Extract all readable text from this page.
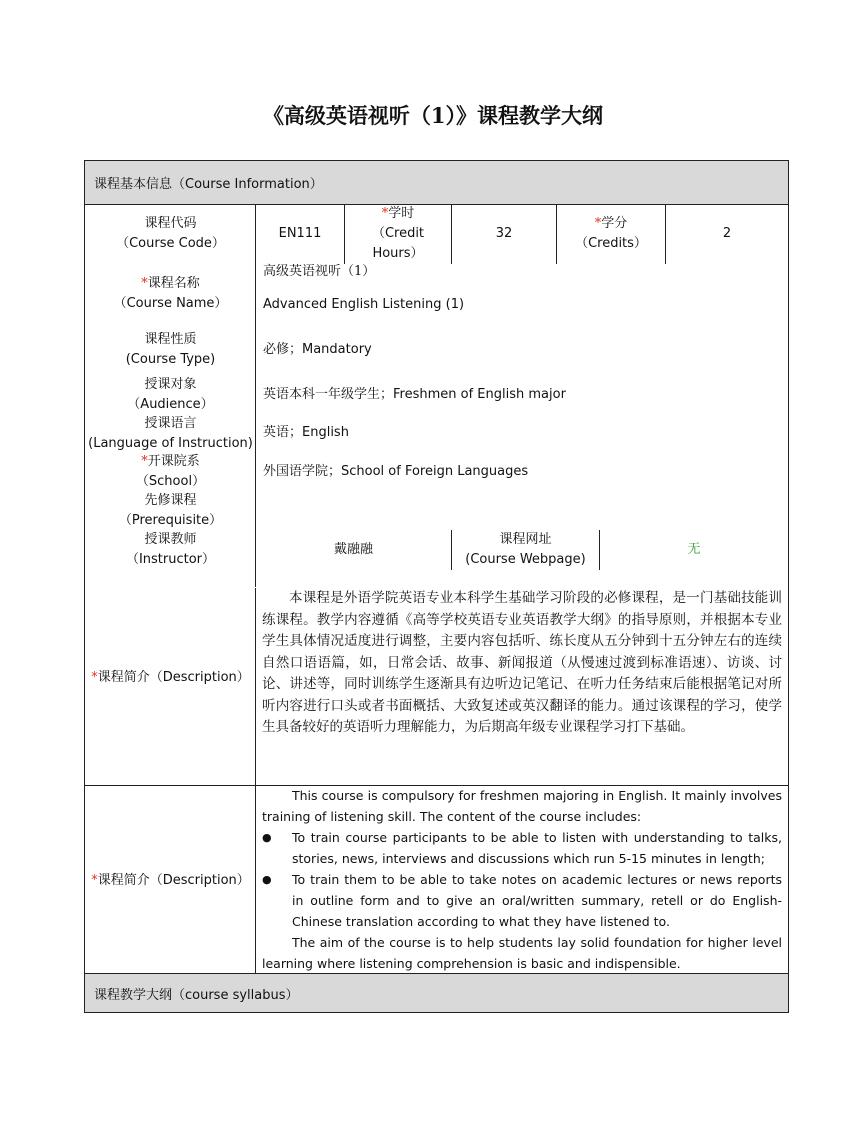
《高级英语视听（1）》课程教学大纲
课程基本信息（Course Information）
课程代码
（Course Code）
EN111
*学时
（Credit
Hours）
32
*学分
（Credits）
2
*课程名称
（Course Name）
高级英语视听（1）
Advanced English Listening (1)
课程性质
(Course Type)
必修；Mandatory
授课对象
（Audience）
英语本科一年级学生；Freshmen of English major
授课语言
(Language of Instruction)
英语；English
*开课院系
（School）
外国语学院；School of Foreign Languages
先修课程
（Prerequisite）
授课教师
（Instructor）
戴融融
课程网址
(Course Webpage)
无
*课程简介（Description）
本课程是外语学院英语专业本科学生基础学习阶段的必修课程，是一门基础技能训练课程。教学内容遵循《高等学校英语专业英语教学大纲》的指导原则，并根据本专业学生具体情况适度进行调整，主要内容包括听、练长度从五分钟到十五分钟左右的连续自然口语语篇，如，日常会话、故事、新闻报道（从慢速过渡到标准语速）、访谈、讨论、讲述等，同时训练学生逐渐具有边听边记笔记、在听力任务结束后能根据笔记对所听内容进行口头或者书面概括、大致复述或英汉翻译的能力。通过该课程的学习，使学生具备较好的英语听力理解能力，为后期高年级专业课程学习打下基础。
*课程简介（Description）
This course is compulsory for freshmen majoring in English. It mainly involves training of listening skill. The content of the course includes:
●	To train course participants to be able to listen with understanding to talks, stories, news, interviews and discussions which run 5-15 minutes in length;
●	To train them to be able to take notes on academic lectures or news reports in outline form and to give an oral/written summary, retell or do English-Chinese translation according to what they have listened to.
The aim of the course is to help students lay solid foundation for higher level learning where listening comprehension is basic and indispensible.
课程教学大纲（course syllabus）
